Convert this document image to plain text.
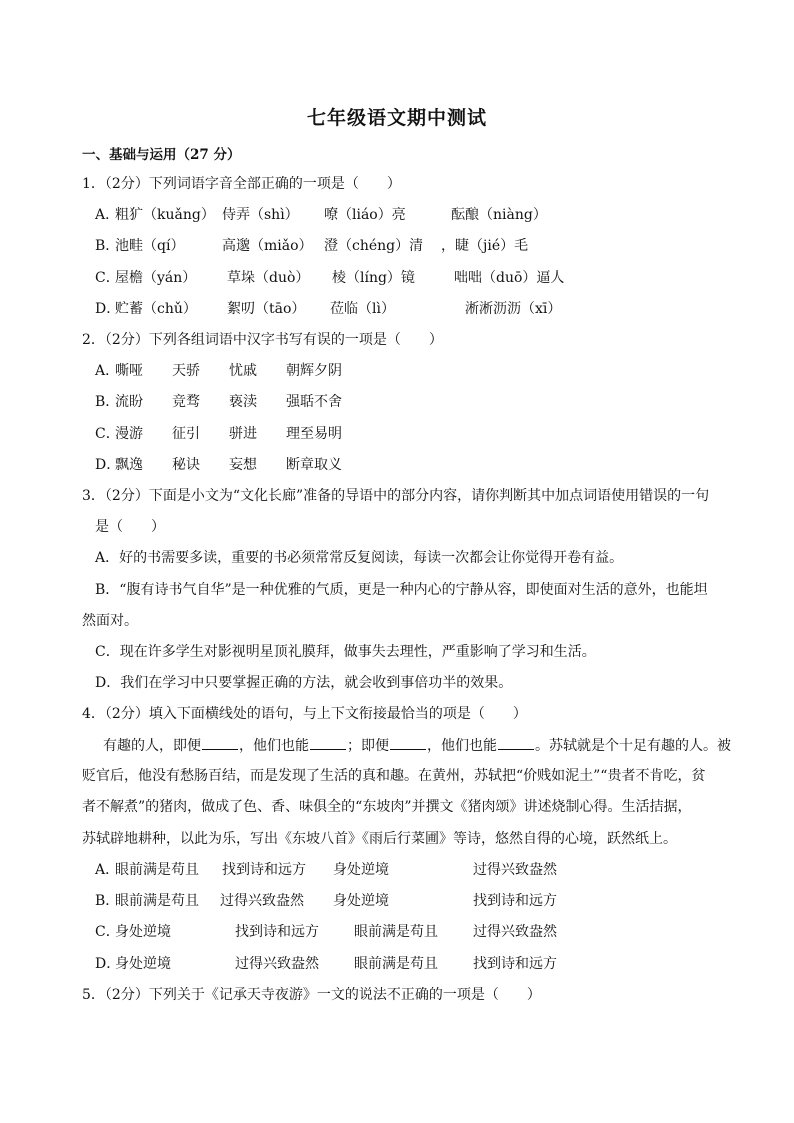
七年级语文期中测试
一、基础与运用（27 分）
1．（2分）下列词语字音全部正确的一项是（　　）
A．
粗犷（kuǎng） 侍弄（shì） 嘹（liáo）亮	酝酿（niàng）
B．
池畦（qí）	高邈（miǎo） 澄（chéng）清 ，睫（jié）毛
C．
屋檐（yán） 草垛（duò） 棱（líng）镜	咄咄（duō）逼人
D．
贮蓄（chǔ） 絮叨（tāo） 莅临（lì）	淅淅沥沥（xī）
2．（2分）下列各组词语中汉字书写有误的一项是（　　）
A．
嘶哑 天骄 忧戚 朝辉夕阴
B．
流盼 竞骛 亵渎 强聒不舍
C．
漫游 征引 骈进 理至易明
D．
飘逸 秘诀 妄想 断章取义
3．（2分）下面是小文为“文化长廊”准备的导语中的部分内容，请你判断其中加点词语使用错误的一句
是（　　）
A．好的书需要多读，重要的书必须常常反复阅读，每读一次都会让你觉得开卷有益。
B．“腹有诗书气自华”是一种优雅的气质，更是一种内心的宁静从容，即使面对生活的意外，也能坦
然面对。
C．现在许多学生对影视明星顶礼膜拜，做事失去理性，严重影响了学习和生活。
D．我们在学习中只要掌握正确的方法，就会收到事倍功半的效果。
4．（2分）填入下面横线处的语句，与上下文衔接最恰当的项是（　　）
有趣的人，即便	，他们也能	；即便	，他们也能	。苏轼就是个十足有趣的人。被
贬官后，他没有愁肠百结，而是发现了生活的真和趣。在黄州，苏轼把“价贱如泥土”“贵者不肯吃，贫
者不解煮”的猪肉，做成了色、香、味俱全的“东坡肉”并撰文《猪肉颂》讲述烧制心得。生活拮据，
苏轼辟地耕种，以此为乐，写出《东坡八首》《雨后行菜圃》等诗，悠然自得的心境，跃然纸上。
A．
眼前满是苟且 找到诗和远方 身处逆境	过得兴致盎然
B．
眼前满是苟且 过得兴致盎然 身处逆境	找到诗和远方
C．
身处逆境	找到诗和远方	眼前满是苟且	过得兴致盎然
D．
身处逆境	过得兴致盎然	眼前满是苟且	找到诗和远方
5．（2分）下列关于《记承天寺夜游》一文的说法不正确的一项是（　　）
